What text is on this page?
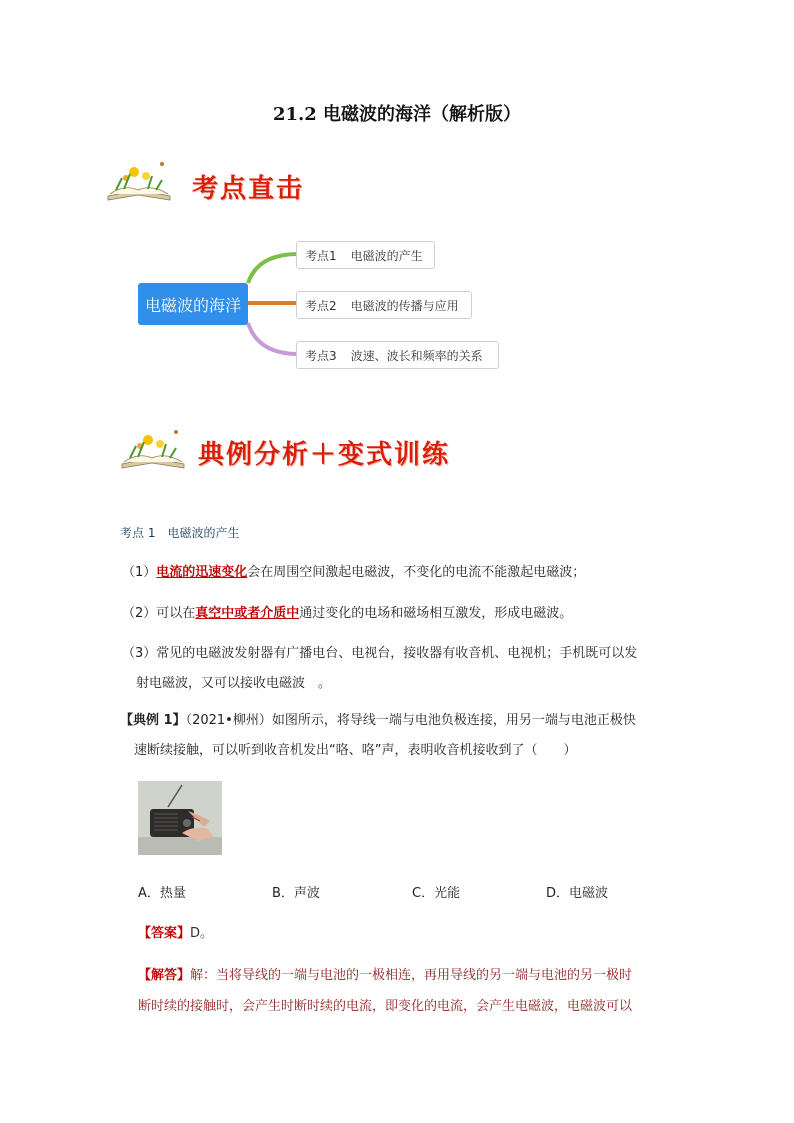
21.2 电磁波的海洋（解析版）
考点直击
电磁波的海洋
考点1 电磁波的产生
考点2 电磁波的传播与应用
考点3 波速、波长和频率的关系
典例分析＋变式训练
考点 1 电磁波的产生
（1）电流的迅速变化会在周围空间激起电磁波，不变化的电流不能激起电磁波；
（2）可以在真空中或者介质中通过变化的电场和磁场相互激发，形成电磁波。
（3）常见的电磁波发射器有广播电台、电视台，接收器有收音机、电视机；手机既可以发
射电磁波，又可以接收电磁波　。
【典例 1】（2021•柳州）如图所示，将导线一端与电池负极连接，用另一端与电池正极快
速断续接触，可以听到收音机发出“咯、咯”声，表明收音机接收到了（　　）
A．热量	B．声波	C．光能	D．电磁波
【答案】D。
【解答】解：当将导线的一端与电池的一极相连，再用导线的另一端与电池的另一极时
断时续的接触时，会产生时断时续的电流，即变化的电流，会产生电磁波，电磁波可以
